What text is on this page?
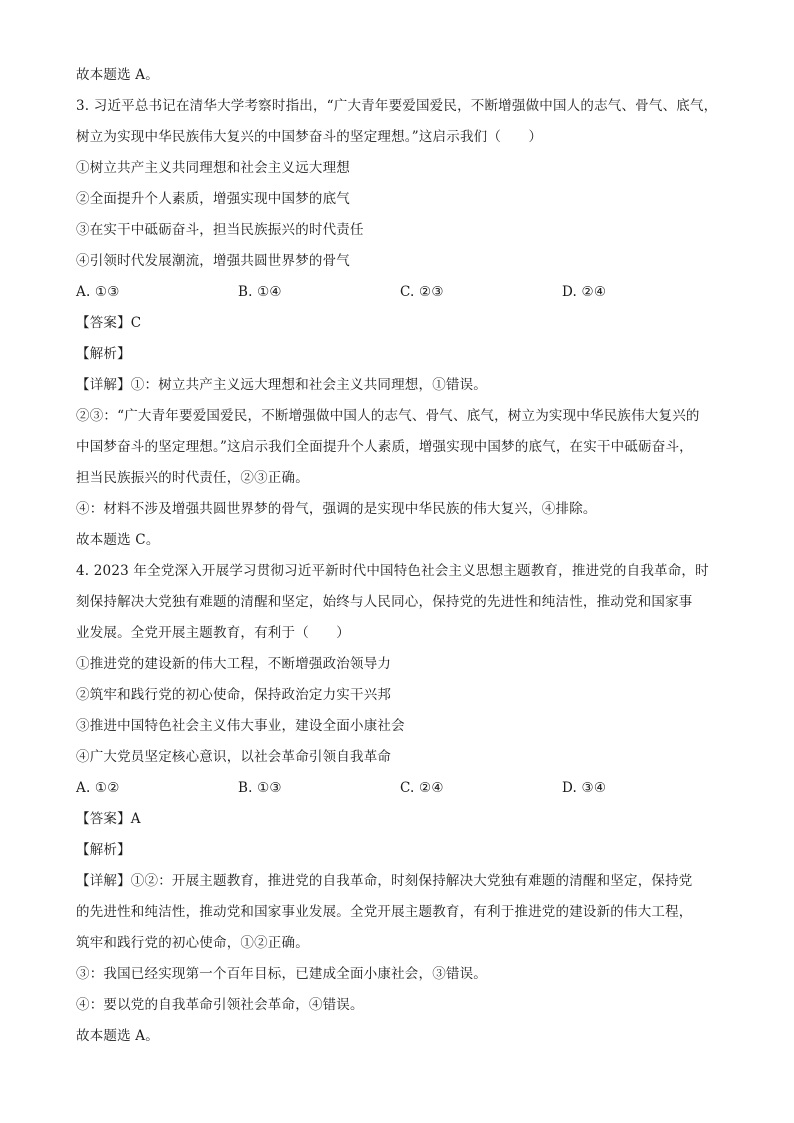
故本题选 A。
3. 习近平总书记在清华大学考察时指出，“广大青年要爱国爱民，不断增强做中国人的志气、骨气、底气，
树立为实现中华民族伟大复兴的中国梦奋斗的坚定理想。”这启示我们（　　）
①树立共产主义共同理想和社会主义远大理想
②全面提升个人素质，增强实现中国梦的底气
③在实干中砥砺奋斗，担当民族振兴的时代责任
④引领时代发展潮流，增强共圆世界梦的骨气
A. ①③	B. ①④	C. ②③	D. ②④
【答案】C
【解析】
【详解】①：树立共产主义远大理想和社会主义共同理想，①错误。
②③：“广大青年要爱国爱民，不断增强做中国人的志气、骨气、底气，树立为实现中华民族伟大复兴的
中国梦奋斗的坚定理想。”这启示我们全面提升个人素质，增强实现中国梦的底气，在实干中砥砺奋斗，
担当民族振兴的时代责任，②③正确。
④：材料不涉及增强共圆世界梦的骨气，强调的是实现中华民族的伟大复兴，④排除。
故本题选 C。
4. 2023 年全党深入开展学习贯彻习近平新时代中国特色社会主义思想主题教育，推进党的自我革命，时
刻保持解决大党独有难题的清醒和坚定，始终与人民同心，保持党的先进性和纯洁性，推动党和国家事
业发展。全党开展主题教育，有利于（　　）
①推进党的建设新的伟大工程，不断增强政治领导力
②筑牢和践行党的初心使命，保持政治定力实干兴邦
③推进中国特色社会主义伟大事业，建设全面小康社会
④广大党员坚定核心意识，以社会革命引领自我革命
A. ①②	B. ①③	C. ②④	D. ③④
【答案】A
【解析】
【详解】①②：开展主题教育，推进党的自我革命，时刻保持解决大党独有难题的清醒和坚定，保持党
的先进性和纯洁性，推动党和国家事业发展。全党开展主题教育，有利于推进党的建设新的伟大工程，
筑牢和践行党的初心使命，①②正确。
③：我国已经实现第一个百年目标，已建成全面小康社会，③错误。
④：要以党的自我革命引领社会革命，④错误。
故本题选 A。
